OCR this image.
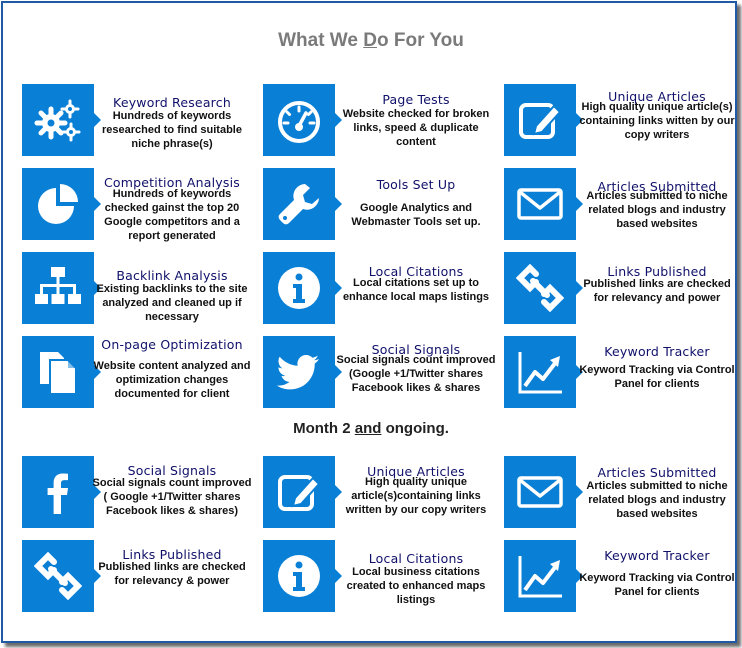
What We Do For You
Month 2 and ongoing.
Keyword Research
Hundreds of keywords researched to find suitable niche phrase(s)
Page Tests
Website checked for broken links, speed & duplicate content
Unique Articles
High quality unique article(s) containing links witten by our copy writers
Competition Analysis
Hundreds of keywords checked gainst the top 20 Google competitors and a report generated
Tools Set Up
Google Analytics and Webmaster Tools set up.
Articles Submitted
Articles submitted to niche related blogs and industry based websites
Backlink Analysis
Existing backlinks to the site analyzed and cleaned up if necessary
Local Citations
Local citations set up to enhance local maps listings
Links Published
Published links are checked for relevancy and power
On-page Optimization
Website content analyzed and optimization changes documented for client
Social Signals
Social signals count improved (Google +1/Twitter shares Facebook likes & shares
Keyword Tracker
Keyword Tracking via Control Panel for clients
Social Signals
Social signals count improved ( Google +1/Twitter shares Facebook likes & shares)
Unique Articles
High quality unique article(s)containing links written by our copy writers
Articles Submitted
Articles submitted to niche related blogs and industry based websites
Links Published
Published links are checked for relevancy & power
Local Citations
Local business citations created to enhanced maps listings
Keyword Tracker
Keyword Tracking via Control Panel for clients
